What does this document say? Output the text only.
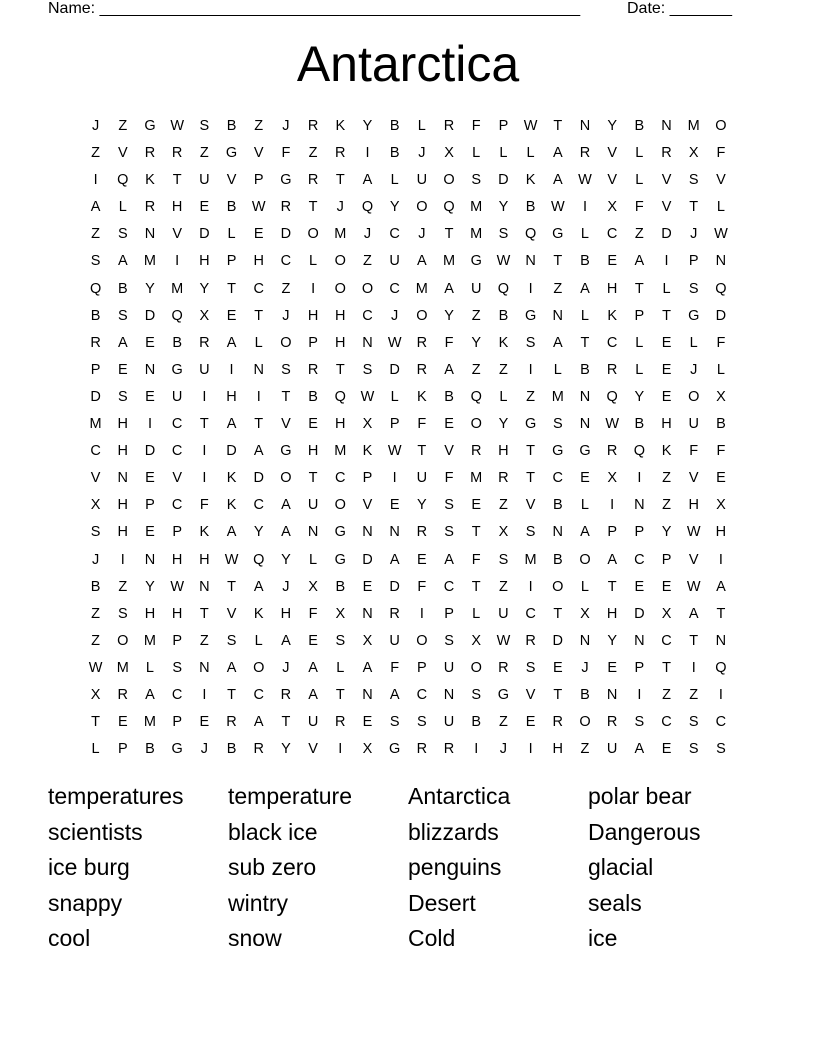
Name: ______________________________________________________	Date: _______
Antarctica
J	Z	G	W	S	B	Z	J	R	K	Y	B	L	R	F	P	W	T	N	Y	B	N	M	O
Z	V	R	R	Z	G	V	F	Z	R	I	B	J	X	L	L	L	A	R	V	L	R	X	F
I	Q	K	T	U	V	P	G	R	T	A	L	U	O	S	D	K	A	W	V	L	V	S	V
A	L	R	H	E	B	W	R	T	J	Q	Y	O	Q	M	Y	B	W	I	X	F	V	T	L
Z	S	N	V	D	L	E	D	O	M	J	C	J	T	M	S	Q	G	L	C	Z	D	J	W
S	A	M	I	H	P	H	C	L	O	Z	U	A	M	G	W	N	T	B	E	A	I	P	N
Q	B	Y	M	Y	T	C	Z	I	O	O	C	M	A	U	Q	I	Z	A	H	T	L	S	Q
B	S	D	Q	X	E	T	J	H	H	C	J	O	Y	Z	B	G	N	L	K	P	T	G	D
R	A	E	B	R	A	L	O	P	H	N	W	R	F	Y	K	S	A	T	C	L	E	L	F
P	E	N	G	U	I	N	S	R	T	S	D	R	A	Z	Z	I	L	B	R	L	E	J	L
D	S	E	U	I	H	I	T	B	Q	W	L	K	B	Q	L	Z	M	N	Q	Y	E	O	X
M	H	I	C	T	A	T	V	E	H	X	P	F	E	O	Y	G	S	N	W	B	H	U	B
C	H	D	C	I	D	A	G	H	M	K	W	T	V	R	H	T	G	G	R	Q	K	F	F
V	N	E	V	I	K	D	O	T	C	P	I	U	F	M	R	T	C	E	X	I	Z	V	E
X	H	P	C	F	K	C	A	U	O	V	E	Y	S	E	Z	V	B	L	I	N	Z	H	X
S	H	E	P	K	A	Y	A	N	G	N	N	R	S	T	X	S	N	A	P	P	Y	W	H
J	I	N	H	H	W	Q	Y	L	G	D	A	E	A	F	S	M	B	O	A	C	P	V	I
B	Z	Y	W	N	T	A	J	X	B	E	D	F	C	T	Z	I	O	L	T	E	E	W	A
Z	S	H	H	T	V	K	H	F	X	N	R	I	P	L	U	C	T	X	H	D	X	A	T
Z	O	M	P	Z	S	L	A	E	S	X	U	O	S	X	W	R	D	N	Y	N	C	T	N
W M	L	S	N	A	O	J	A	L	A	F	P	U	O	R	S	E	J	E	P	T	I	Q
X	R	A	C	I	T	C	R	A	T	N	A	C	N	S	G	V	T	B	N	I	Z	Z	I
T	E	M	P	E	R	A	T	U	R	E	S	S	U	B	Z	E	R	O	R	S	C	S	C
L	P	B	G	J	B	R	Y	V	I	X	G	R	R	I	J	I	H	Z	U	A	E	S	S
temperatures	temperature	Antarctica	polar bear
scientists	black ice	blizzards	Dangerous
ice burg	sub zero	penguins	glacial
snappy	wintry	Desert	seals
cool	snow	Cold	ice
